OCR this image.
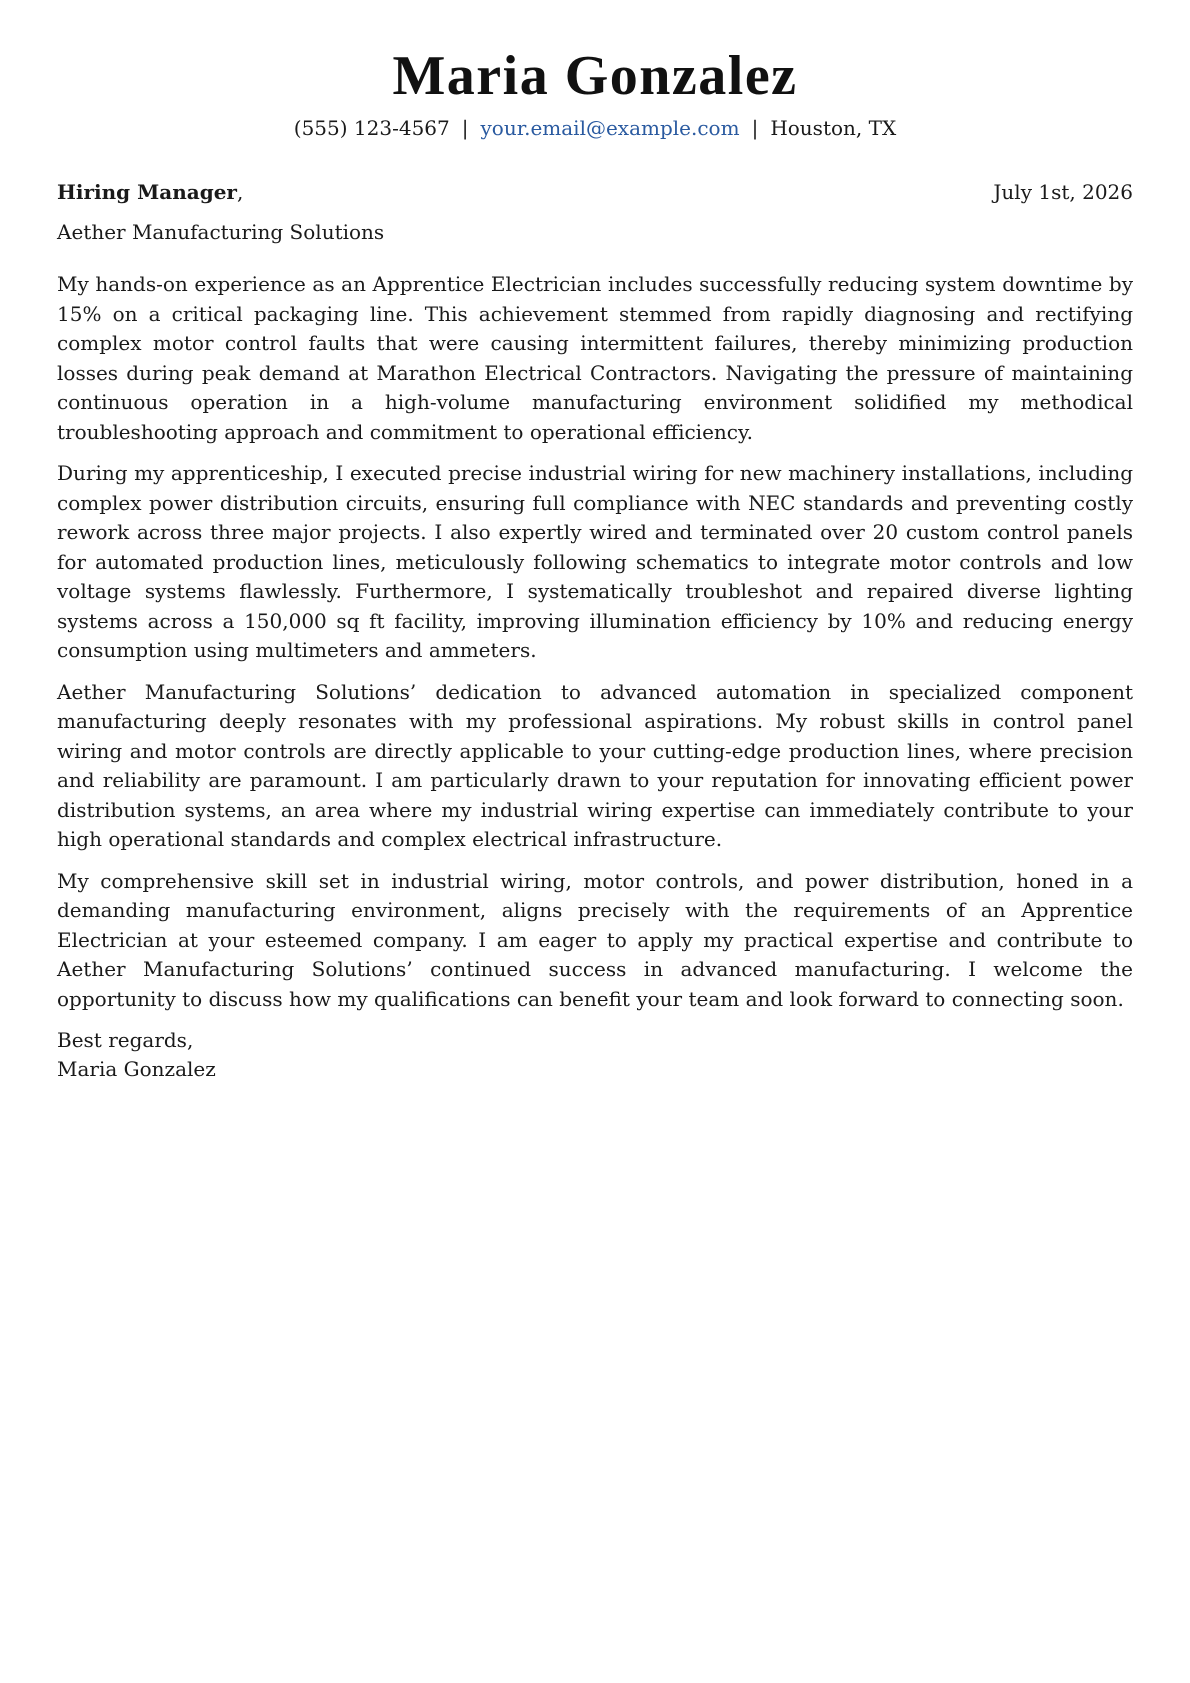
Maria Gonzalez
(555) 123-4567 | your.email@example.com | Houston, TX
Hiring Manager,	July 1st, 2026
Aether Manufacturing Solutions

My hands-on experience as an Apprentice Electrician includes successfully reducing system downtime by 15% on a critical packaging line. This achievement stemmed from rapidly diagnosing and rectifying complex motor control faults that were causing intermittent failures, thereby minimizing production losses during peak demand at Marathon Electrical Contractors. Navigating the pressure of maintaining continuous operation in a high-volume manufacturing environment solidified my methodical troubleshooting approach and commitment to operational efficiency.

During my apprenticeship, I executed precise industrial wiring for new machinery installations, including complex power distribution circuits, ensuring full compliance with NEC standards and preventing costly rework across three major projects. I also expertly wired and terminated over 20 custom control panels for automated production lines, meticulously following schematics to integrate motor controls and low voltage systems flawlessly. Furthermore, I systematically troubleshot and repaired diverse lighting systems across a 150,000 sq ft facility, improving illumination efficiency by 10% and reducing energy consumption using multimeters and ammeters.

Aether Manufacturing Solutions’ dedication to advanced automation in specialized component manufacturing deeply resonates with my professional aspirations. My robust skills in control panel wiring and motor controls are directly applicable to your cutting-edge production lines, where precision and reliability are paramount. I am particularly drawn to your reputation for innovating efficient power distribution systems, an area where my industrial wiring expertise can immediately contribute to your high operational standards and complex electrical infrastructure.

My comprehensive skill set in industrial wiring, motor controls, and power distribution, honed in a demanding manufacturing environment, aligns precisely with the requirements of an Apprentice Electrician at your esteemed company. I am eager to apply my practical expertise and contribute to Aether Manufacturing Solutions’ continued success in advanced manufacturing. I welcome the opportunity to discuss how my qualifications can benefit your team and look forward to connecting soon.

Best regards,
Maria Gonzalez
